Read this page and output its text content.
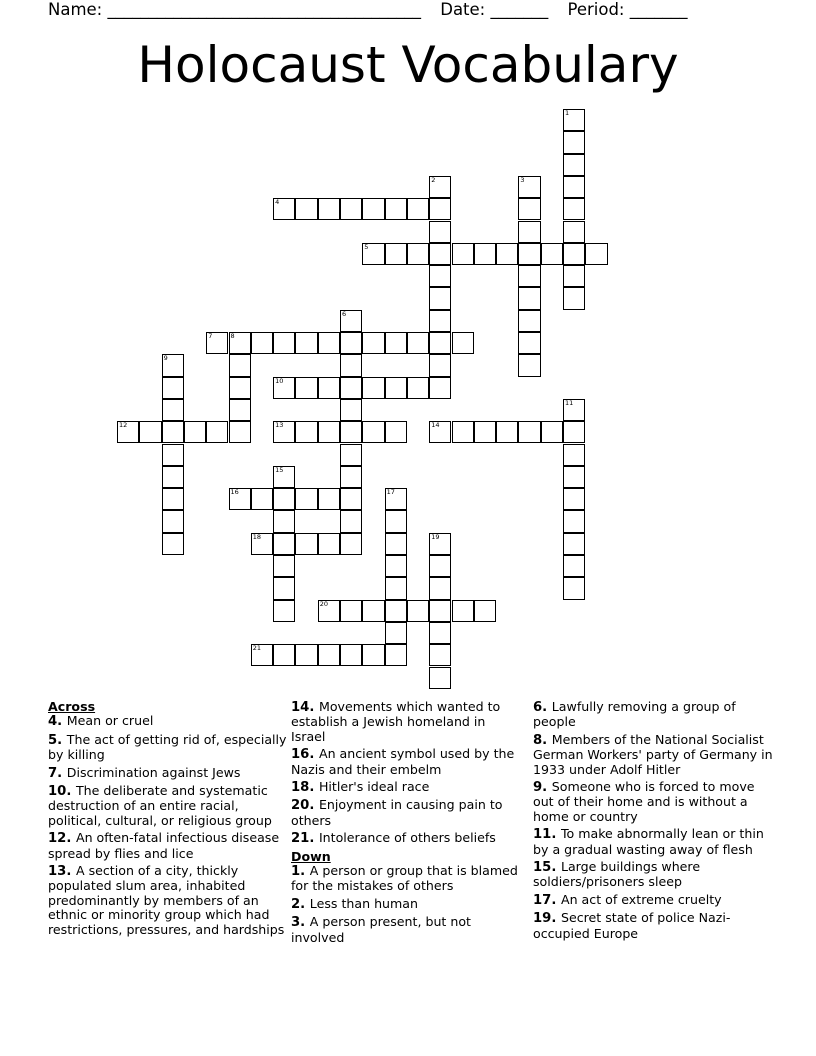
Name: ______________________________________ Date: _______ Period: _______
Holocaust Vocabulary
1
2	3
4
5
6
7	8
9
10
11
12	13	14
15
16	17
18	19
20
21
Across
4. Mean or cruel
5. The act of getting rid of, especially by killing
7. Discrimination against Jews
10. The deliberate and systematic destruction of an entire racial, political, cultural, or religious group
12. An often-fatal infectious disease spread by flies and lice
13. A section of a city, thickly populated slum area, inhabited predominantly by members of an ethnic or minority group which had restrictions, pressures, and hardships
14. Movements which wanted to establish a Jewish homeland in Israel
16. An ancient symbol used by the Nazis and their embelm
18. Hitler's ideal race
20. Enjoyment in causing pain to others
21. Intolerance of others beliefs
Down
1. A person or group that is blamed for the mistakes of others
2. Less than human
3. A person present, but not involved
6. Lawfully removing a group of people
8. Members of the National Socialist German Workers' party of Germany in 1933 under Adolf Hitler
9. Someone who is forced to move out of their home and is without a home or country
11. To make abnormally lean or thin by a gradual wasting away of flesh
15. Large buildings where soldiers/prisoners sleep
17. An act of extreme cruelty
19. Secret state of police Nazi-occupied Europe
